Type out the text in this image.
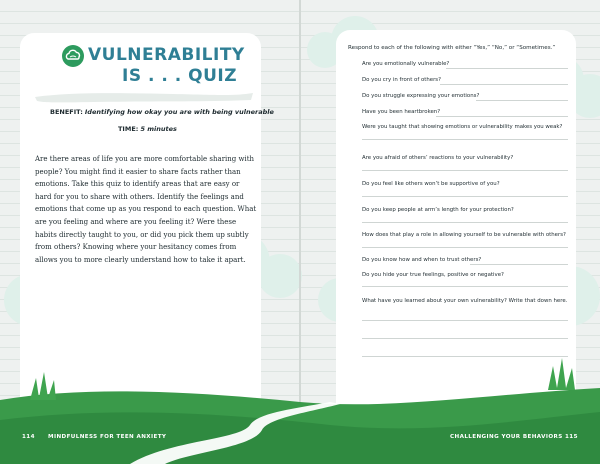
VULNERABILITY
IS . . . QUIZ
BENEFIT: Identifying how okay you are with being vulnerable
TIME: 5 minutes
Are there areas of life you are more comfortable sharing with people? You might find it easier to share facts rather than emotions. Take this quiz to identify areas that are easy or hard for you to share with others. Identify the feelings and emotions that come up as you respond to each question. What are you feeling and where are you feeling it? Were these habits directly taught to you, or did you pick them up subtly from others? Knowing where your hesitancy comes from allows you to more clearly understand how to take it apart.
Respond to each of the following with either “Yes,” “No,” or “Sometimes.”
Are you emotionally vulnerable?
Do you cry in front of others?
Do you struggle expressing your emotions?
Have you been heartbroken?
Were you taught that showing emotions or vulnerability makes you weak?
Are you afraid of others’ reactions to your vulnerability?
Do you feel like others won’t be supportive of you?
Do you keep people at arm’s length for your protection?
How does that play a role in allowing yourself to be vulnerable with others?
Do you know how and when to trust others?
Do you hide your true feelings, positive or negative?
What have you learned about your own vulnerability? Write that down here.
114 MINDFULNESS FOR TEEN ANXIETY	CHALLENGING YOUR BEHAVIORS 115
